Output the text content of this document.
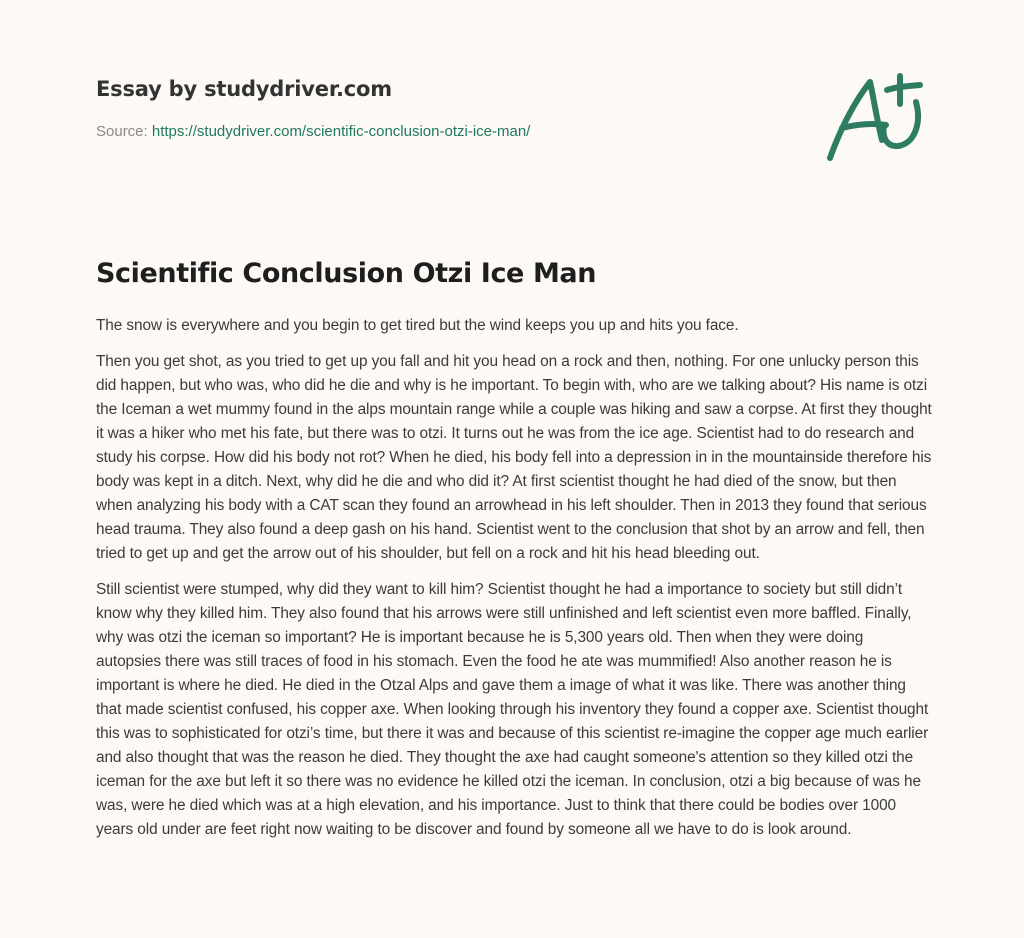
Essay by studydriver.com
Source: https://studydriver.com/scientific-conclusion-otzi-ice-man/
Scientific Conclusion Otzi Ice Man

The snow is everywhere and you begin to get tired but the wind keeps you up and hits you face.

Then you get shot, as you tried to get up you fall and hit you head on a rock and then, nothing. For one unlucky person this did happen, but who was, who did he die and why is he important. To begin with, who are we talking about? His name is otzi the Iceman a wet mummy found in the alps mountain range while a couple was hiking and saw a corpse. At first they thought it was a hiker who met his fate, but there was to otzi. It turns out he was from the ice age. Scientist had to do research and study his corpse. How did his body not rot? When he died, his body fell into a depression in in the mountainside therefore his body was kept in a ditch. Next, why did he die and who did it? At first scientist thought he had died of the snow, but then when analyzing his body with a CAT scan they found an arrowhead in his left shoulder. Then in 2013 they found that serious head trauma. They also found a deep gash on his hand. Scientist went to the conclusion that shot by an arrow and fell, then tried to get up and get the arrow out of his shoulder, but fell on a rock and hit his head bleeding out.

Still scientist were stumped, why did they want to kill him? Scientist thought he had a importance to society but still didn’t know why they killed him. They also found that his arrows were still unfinished and left scientist even more baffled. Finally, why was otzi the iceman so important? He is important because he is 5,300 years old. Then when they were doing autopsies there was still traces of food in his stomach. Even the food he ate was mummified! Also another reason he is important is where he died. He died in the Otzal Alps and gave them a image of what it was like. There was another thing that made scientist confused, his copper axe. When looking through his inventory they found a copper axe. Scientist thought this was to sophisticated for otzi’s time, but there it was and because of this scientist re-imagine the copper age much earlier and also thought that was the reason he died. They thought the axe had caught someone's attention so they killed otzi the iceman for the axe but left it so there was no evidence he killed otzi the iceman. In conclusion, otzi a big because of was he was, were he died which was at a high elevation, and his importance. Just to think that there could be bodies over 1000 years old under are feet right now waiting to be discover and found by someone all we have to do is look around.
